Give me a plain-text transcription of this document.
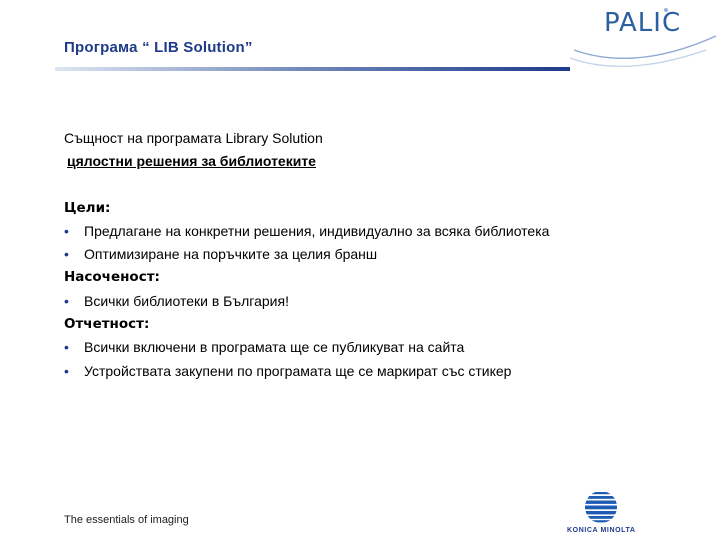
Програма “ LIB Solution”
PALIC
Същност на програмата Library Solution
цялостни решения за библиотеките
Цели:
• Предлагане на конкретни решения, индивидуално за всяка библиотека
• Оптимизиране на поръчките за целия бранш
Насоченост:
• Всички библиотеки в България!
Отчетност:
• Всички включени в програмата ще се публикуват на сайта
• Устройствата закупени по програмата ще се маркират със стикер
The essentials of imaging
KONICA MINOLTA
